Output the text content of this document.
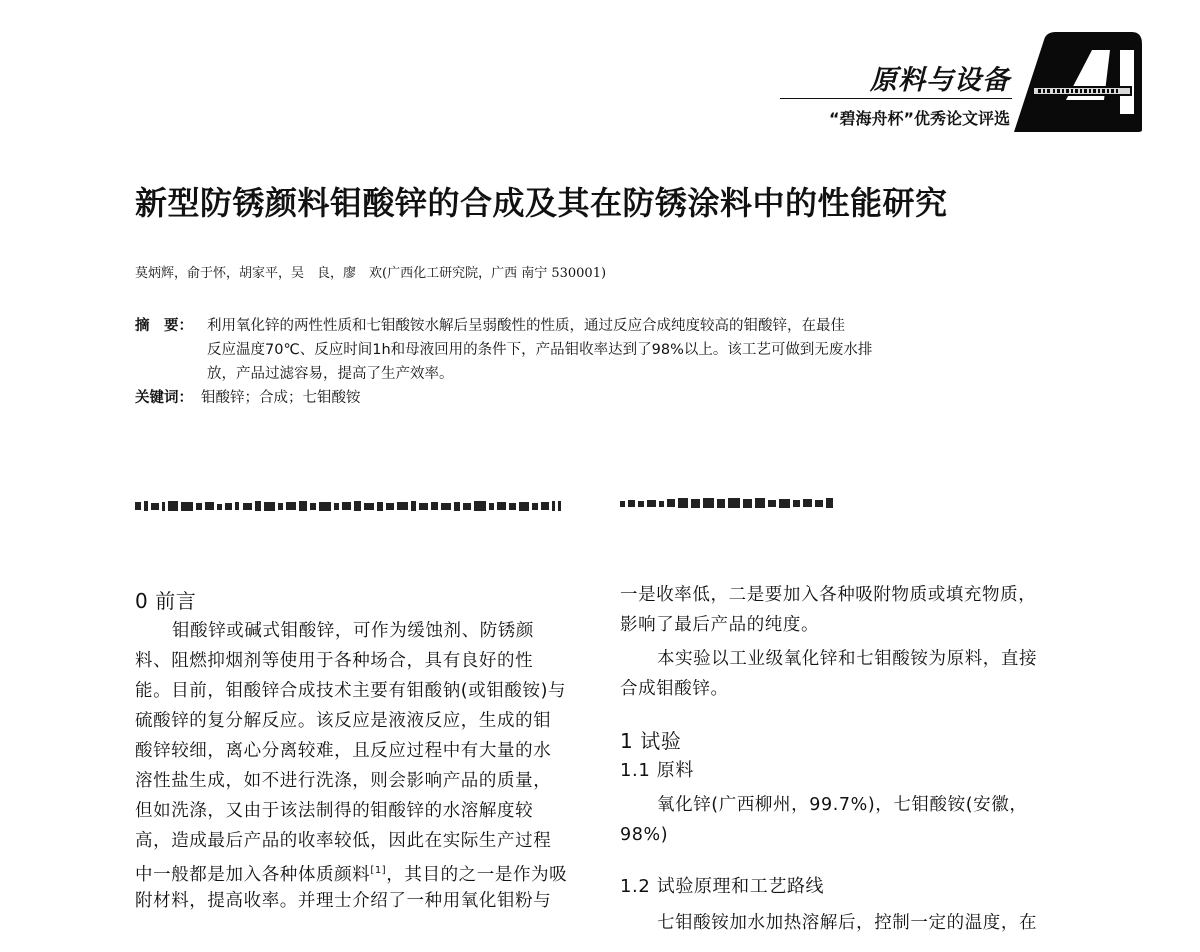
原料与设备
“碧海舟杯”优秀论文评选
新型防锈颜料钼酸锌的合成及其在防锈涂料中的性能研究
莫炳辉，俞于怀，胡家平，吴　良，廖　欢(广西化工研究院，广西 南宁 530001)
摘　要： 利用氧化锌的两性性质和七钼酸铵水解后呈弱酸性的性质，通过反应合成纯度较高的钼酸锌，在最佳
反应温度70℃、反应时间1h和母液回用的条件下，产品钼收率达到了98%以上。该工艺可做到无废水排
放，产品过滤容易，提高了生产效率。
关键词： 钼酸锌；合成；七钼酸铵
0 前言
钼酸锌或碱式钼酸锌，可作为缓蚀剂、防锈颜
料、阻燃抑烟剂等使用于各种场合，具有良好的性
能。目前，钼酸锌合成技术主要有钼酸钠(或钼酸铵)与
硫酸锌的复分解反应。该反应是液液反应，生成的钼
酸锌较细，离心分离较难，且反应过程中有大量的水
溶性盐生成，如不进行洗涤，则会影响产品的质量，
但如洗涤，又由于该法制得的钼酸锌的水溶解度较
高，造成最后产品的收率较低，因此在实际生产过程
中一般都是加入各种体质颜料[1]，其目的之一是作为吸
附材料，提高收率。并理士介绍了一种用氧化钼粉与
一是收率低，二是要加入各种吸附物质或填充物质，
影响了最后产品的纯度。
本实验以工业级氧化锌和七钼酸铵为原料，直接
合成钼酸锌。
1 试验
1.1 原料
氧化锌(广西柳州，99.7%)，七钼酸铵(安徽，
98%)
1.2 试验原理和工艺路线
七钼酸铵加水加热溶解后，控制一定的温度，在
